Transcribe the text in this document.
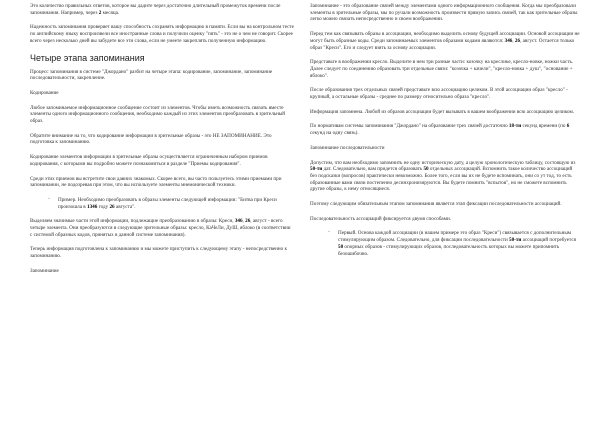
Это количество правильных ответов, которое вы дадите через достаточно длительный промежуток времени после запоминания. Например, через 2 месяца.

Надежность запоминания проверяет вашу способность сохранять информацию в памяти. Если вы на контрольном тесте по английскому языку воспроизвели все иностранные слова и получили оценку "пять" - это не о чем не говорит. Скорее всего через несколько дней вы забудете все эти слова, если не умеете закреплять полученную информацию.

Четыре этапа запоминания

Процесс запоминания в системе "Джордано" разбит на четыре этапа: кодирование, запоминание, запоминание последовательности, закрепление.

Кодирование

Любое запоминаемое информационное сообщение состоит из элементов. Чтобы иметь возможность связать вместе элементы одного информационного сообщения, необходимо каждый из этих элементов преобразовать в зрительный образ.

Обратите внимание на то, что кодирование информации в зрительные образы - это НЕ ЗАПОМИНАНИЕ. Это подготовка к запоминанию.

Кодирование элементов информации в зрительные образы осуществляется ограниченным набором приемов кодирования, с которыми вы подробно можете познакомиться в разделе "Приемы кодирования".

Среди этих приемов вы встретите свои давних знакомых. Скорее всего, вы часто пользуетесь этими приемами при запоминании, не подозревая при этом, что вы используете элементы мнемонической техники.

◦ Пример. Необходимо преобразовать в образы элементы следующей информации: "Битва при Креси произошла в 1346 году 26 августа".

Выделяем значимые части этой информации, подлежащие преобразованию в образы: Креси, 346, 26, август - всего четыре элемента. Они преобразуются в следующие зрительные образы: кресло, КаЧеЛи, ДуШ, яблоко (в соответствии с системой образных кодов, принятых в данной системе запоминания).

Теперь информация подготовлена к запоминанию и мы можете приступить к следующему этапу - непосредственно к запоминанию.

Запоминание

Запоминание - это образование связей между элементами одного информационного сообщения. Когда мы преобразовали элементы в зрительные образы, мы по ручали возможность произвести прямую запись связей, так как зрительные образы легко можно связать непосредственно и своем воображении.

Перед тем как связывать образы в ассоциации, необходимо выделить основу будущей ассоциации. Основой ассоциации не могут быть образные коды. Среди запоминаемых элементов образами кодами являются: 346, 26, август. Остается только образ "Креси". Его и следует взять за основу ассоциации.

Представьте в воображении кресло. Выделите в нем три разные части: козочку на креслике, кресло-новке, ножки часть. Далее следует по соединению образовать три отдельные связи: "козочка + качели", "кресло-новка + душ", "основание + яблоко".

После образования трех отдельных связей представьте всю ассоциацию целиком. В этой ассоциации образ "кресло" - крупный, а остальные образы - среднее по размеру относительно образа "кресло".

Информация запомнена. Любой из образов ассоциации будет вызывать в вашем воображении всю ассоциацию целиком.

По нормативам системы запоминания "Джордано" на образование трех связей достаточно 18-ти секунд времени (по 6 секунд на одну связь).

Запоминание последовательности

Допустим, что вам необходимо запомнить не одну историческую дату, а целую хронологическую таблицу, состоящую из 50-ти дат. Следовательно, вам придется образовать 50 отдельных ассоциаций. Вспомнить такое количество ассоциаций без подсказки (вопросов) практически невозможно. Более того, если вы их не будете вспоминать, они со ут тод, то есть образованные вами связи постепенно десинхронизируются. Вы будете помнить "вспытов", но не сможете вспомнить другие образы, к нему относящиеся.

Поэтому следующим обязательным этапом запоминания является этап фиксации последовательности ассоциаций.

Последовательность ассоциаций фиксируется двумя способами.

◦ Первый. Основа каждой ассоциации (в нашем примере это образ "Креси") связывается с дополнительным стимулирующим образом. Следовательно, для фиксации последовательности 50-ти ассоциаций потребуется 50 опорных образов - стимулирующих образов, последовательность которых вы можете припомнить безошибочно.
